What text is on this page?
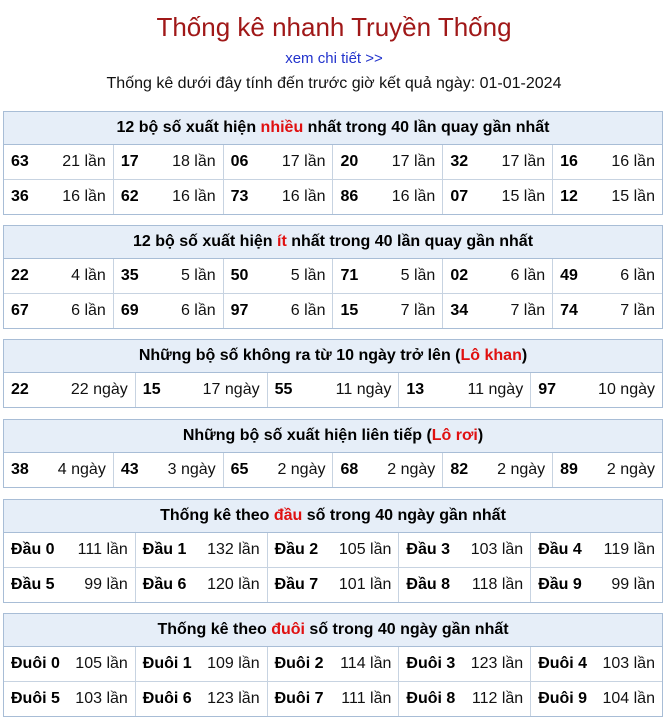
Thống kê nhanh Truyền Thống
xem chi tiết >>
Thống kê dưới đây tính đến trước giờ kết quả ngày: 01-01-2024
12 bộ số xuất hiện nhiều nhất trong 40 lần quay gần nhất
63 21 lần 17 18 lần 06 17 lần 20 17 lần 32 17 lần 16 16 lần
36 16 lần 62 16 lần 73 16 lần 86 16 lần 07 15 lần 12 15 lần
12 bộ số xuất hiện ít nhất trong 40 lần quay gần nhất
22	4 lần 35	5 lần 50	5 lần 71	5 lần 02	6 lần 49	6 lần
67	6 lần 69	6 lần 97	6 lần 15	7 lần 34	7 lần 74	7 lần
Những bộ số không ra từ 10 ngày trở lên (Lô khan)
22	22 ngày 15	17 ngày 55	11 ngày 13	11 ngày 97	10 ngày
Những bộ số xuất hiện liên tiếp (Lô rơi)
38 4 ngày 43 3 ngày 65 2 ngày 68 2 ngày 82 2 ngày 89 2 ngày
Thống kê theo đầu số trong 40 ngày gần nhất
Đầu 0 111 lần Đầu 1 132 lần Đầu 2 105 lần Đầu 3 103 lần Đầu 4 119 lần
Đầu 5 99 lần Đầu 6 120 lần Đầu 7 101 lần Đầu 8 118 lần Đầu 9 99 lần
Thống kê theo đuôi số trong 40 ngày gần nhất
Đuôi 0 105 lần Đuôi 1 109 lần Đuôi 2 114 lần Đuôi 3 123 lần Đuôi 4 103 lần
Đuôi 5 103 lần Đuôi 6 123 lần Đuôi 7 111 lần Đuôi 8 112 lần Đuôi 9 104 lần
